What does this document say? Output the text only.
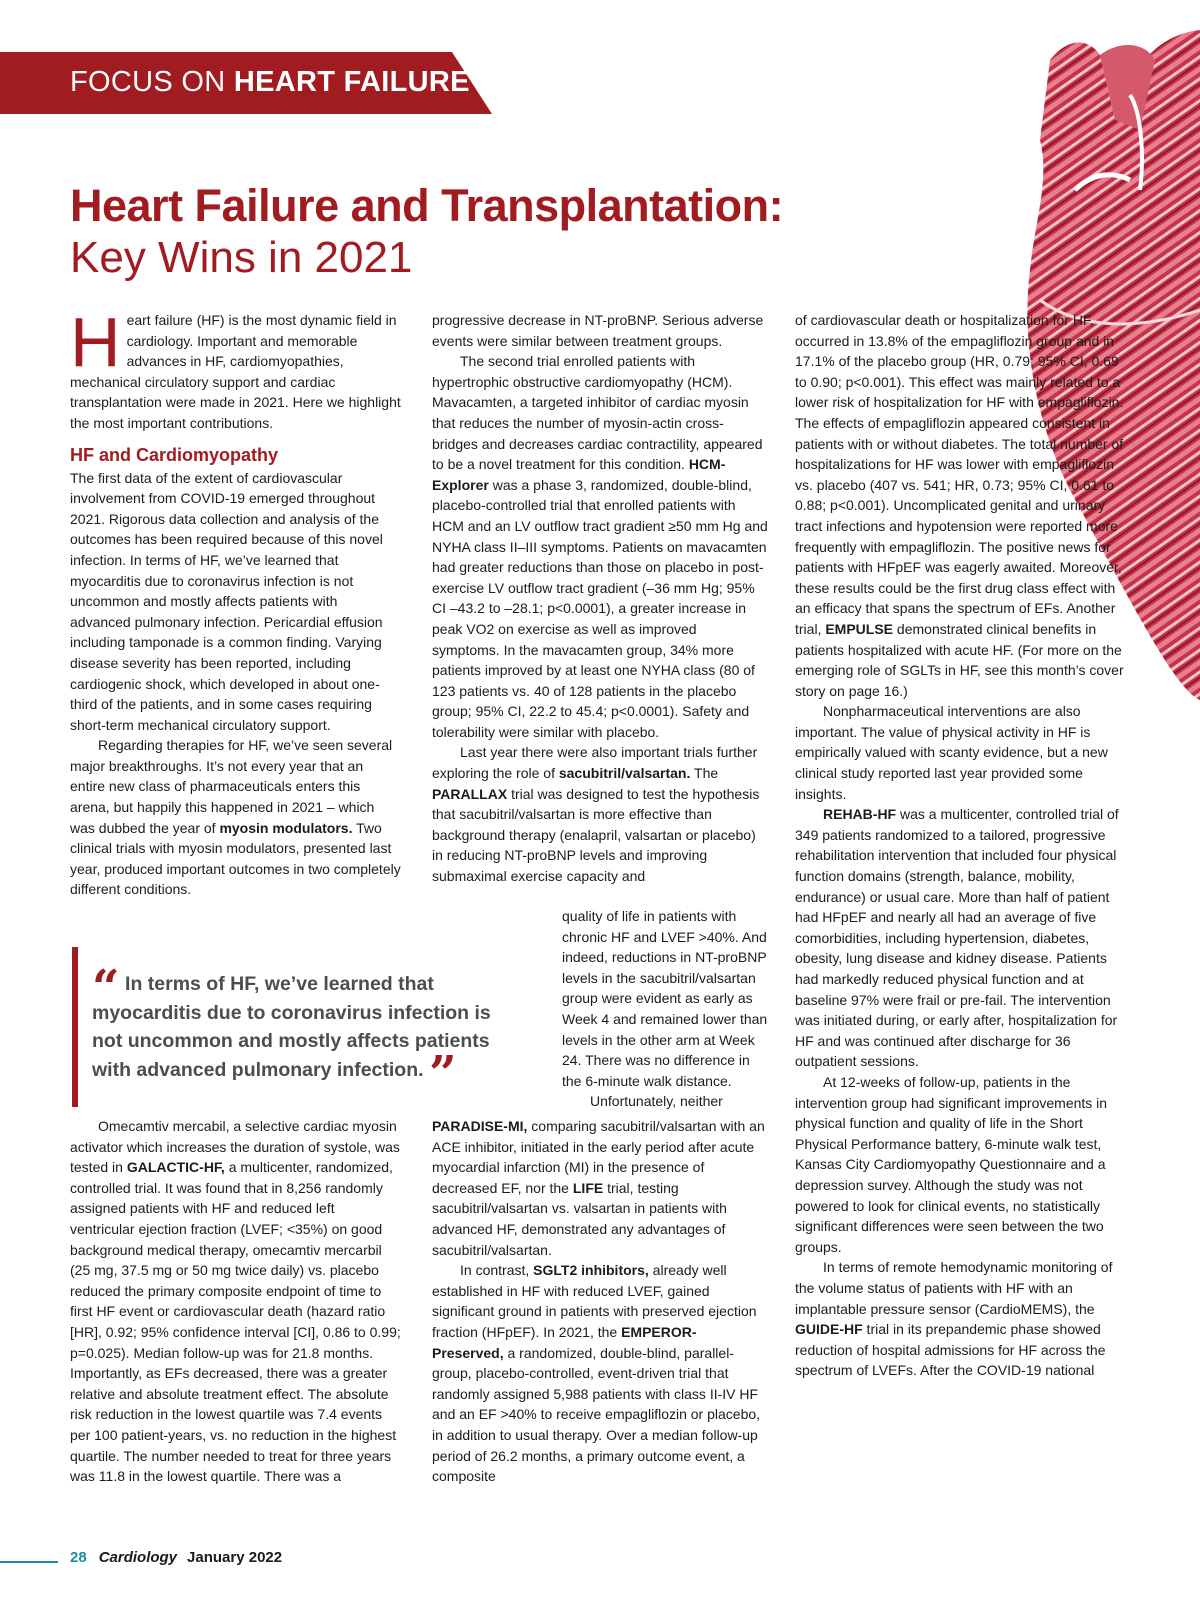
FOCUS ON HEART FAILURE
Heart Failure and Transplantation:
Key Wins in 2021

Heart failure (HF) is the most dynamic field in cardiology. Important and memorable advances in HF, cardiomyopathies, mechanical circulatory support and cardiac transplantation were made in 2021. Here we highlight the most important contributions.

HF and Cardiomyopathy

The first data of the extent of cardiovascular involvement from COVID-19 emerged throughout 2021. Rigorous data collection and analysis of the outcomes has been required because of this novel infection. In terms of HF, we’ve learned that myocarditis due to coronavirus infection is not uncommon and mostly affects patients with advanced pulmonary infection. Pericardial effusion including tamponade is a common finding. Varying disease severity has been reported, including cardiogenic shock, which developed in about one-third of the patients, and in some cases requiring short-term mechanical circulatory support.

Regarding therapies for HF, we’ve seen several major breakthroughs. It’s not every year that an entire new class of pharmaceuticals enters this arena, but happily this happened in 2021 – which was dubbed the year of myosin modulators. Two clinical trials with myosin modulators, presented last year, produced important outcomes in two completely different conditions.

“ In terms of HF, we’ve learned that myocarditis due to coronavirus infection is not uncommon and mostly affects patients with advanced pulmonary infection. ”

Omecamtiv mercabil, a selective cardiac myosin activator which increases the duration of systole, was tested in GALACTIC-HF, a multicenter, randomized, controlled trial. It was found that in 8,256 randomly assigned patients with HF and reduced left ventricular ejection fraction (LVEF; <35%) on good background medical therapy, omecamtiv mercarbil (25 mg, 37.5 mg or 50 mg twice daily) vs. placebo reduced the primary composite endpoint of time to first HF event or cardiovascular death (hazard ratio [HR], 0.92; 95% confidence interval [CI], 0.86 to 0.99; p=0.025). Median follow-up was for 21.8 months. Importantly, as EFs decreased, there was a greater relative and absolute treatment effect. The absolute risk reduction in the lowest quartile was 7.4 events per 100 patient-years, vs. no reduction in the highest quartile. The number needed to treat for three years was 11.8 in the lowest quartile. There was a

progressive decrease in NT-proBNP. Serious adverse events were similar between treatment groups.

The second trial enrolled patients with hypertrophic obstructive cardiomyopathy (HCM). Mavacamten, a targeted inhibitor of cardiac myosin that reduces the number of myosin-actin cross-bridges and decreases cardiac contractility, appeared to be a novel treatment for this condition. HCM-Explorer was a phase 3, randomized, double-blind, placebo-controlled trial that enrolled patients with HCM and an LV outflow tract gradient ≥50 mm Hg and NYHA class II–III symptoms. Patients on mavacamten had greater reductions than those on placebo in post-exercise LV outflow tract gradient (–36 mm Hg; 95% CI –43.2 to –28.1; p<0.0001), a greater increase in peak VO2 on exercise as well as improved symptoms. In the mavacamten group, 34% more patients improved by at least one NYHA class (80 of 123 patients vs. 40 of 128 patients in the placebo group; 95% CI, 22.2 to 45.4; p<0.0001). Safety and tolerability were similar with placebo.

Last year there were also important trials further exploring the role of sacubitril/valsartan. The PARALLAX trial was designed to test the hypothesis that sacubitril/valsartan is more effective than background therapy (enalapril, valsartan or placebo) in reducing NT-proBNP levels and improving submaximal exercise capacity and

quality of life in patients with chronic HF and LVEF >40%. And indeed, reductions in NT-proBNP levels in the sacubitril/valsartan group were evident as early as Week 4 and remained lower than levels in the other arm at Week 24. There was no difference in the 6-minute walk distance.
Unfortunately, neither

PARADISE-MI, comparing sacubitril/valsartan with an ACE inhibitor, initiated in the early period after acute myocardial infarction (MI) in the presence of decreased EF, nor the LIFE trial, testing sacubitril/valsartan vs. valsartan in patients with advanced HF, demonstrated any advantages of sacubitril/valsartan.

In contrast, SGLT2 inhibitors, already well established in HF with reduced LVEF, gained significant ground in patients with preserved ejection fraction (HFpEF). In 2021, the EMPEROR-Preserved, a randomized, double-blind, parallel-group, placebo-controlled, event-driven trial that randomly assigned 5,988 patients with class II-IV HF and an EF >40% to receive empagliflozin or placebo, in addition to usual therapy. Over a median follow-up period of 26.2 months, a primary outcome event, a composite

of cardiovascular death or hospitalization for HF, occurred in 13.8% of the empagliflozin group and in 17.1% of the placebo group (HR, 0.79; 95% CI, 0.69 to 0.90; p<0.001). This effect was mainly related to a lower risk of hospitalization for HF with empagliflozin. The effects of empagliflozin appeared consistent in patients with or without diabetes. The total number of hospitalizations for HF was lower with empagliflozin vs. placebo (407 vs. 541; HR, 0.73; 95% CI, 0.61 to 0.88; p<0.001). Uncomplicated genital and urinary tract infections and hypotension were reported more frequently with empagliflozin. The positive news for patients with HFpEF was eagerly awaited. Moreover, these results could be the first drug class effect with an efficacy that spans the spectrum of EFs. Another trial, EMPULSE demonstrated clinical benefits in patients hospitalized with acute HF. (For more on the emerging role of SGLTs in HF, see this month’s cover story on page 16.)

Nonpharmaceutical interventions are also important. The value of physical activity in HF is empirically valued with scanty evidence, but a new clinical study reported last year provided some insights.

REHAB-HF was a multicenter, controlled trial of 349 patients randomized to a tailored, progressive rehabilitation intervention that included four physical function domains (strength, balance, mobility, endurance) or usual care. More than half of patient had HFpEF and nearly all had an average of five comorbidities, including hypertension, diabetes, obesity, lung disease and kidney disease. Patients had markedly reduced physical function and at baseline 97% were frail or pre-fail. The intervention was initiated during, or early after, hospitalization for HF and was continued after discharge for 36 outpatient sessions.

At 12-weeks of follow-up, patients in the intervention group had significant improvements in physical function and quality of life in the Short Physical Performance battery, 6-minute walk test, Kansas City Cardiomyopathy Questionnaire and a depression survey. Although the study was not powered to look for clinical events, no statistically significant differences were seen between the two groups.

In terms of remote hemodynamic monitoring of the volume status of patients with HF with an implantable pressure sensor (CardioMEMS), the GUIDE-HF trial in its prepandemic phase showed reduction of hospital admissions for HF across the spectrum of LVEFs. After the COVID-19 national

28 Cardiology January 2022
